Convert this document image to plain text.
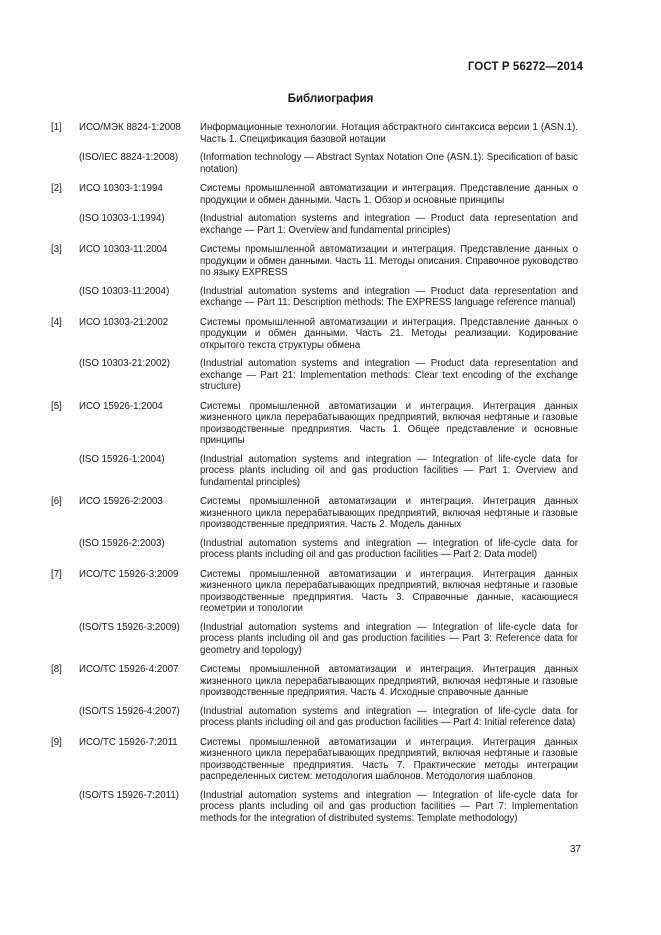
ГОСТ Р 56272—2014
Библиография
[1]	ИСО/МЭК 8824-1:2008	Информационные технологии. Нотация абстрактного синтаксиса версии 1 (ASN.1). Часть 1. Спецификация базовой нотации
(ISO/IEC 8824-1:2008)	(Information technology — Abstract Syntax Notation One (ASN.1): Specification of basic notation)
[2]	ИСО 10303-1:1994	Системы промышленной автоматизации и интеграция. Представление данных о продукции и обмен данными. Часть 1. Обзор и основные принципы
(ISO 10303-1:1994)	(Industrial automation systems and integration — Product data representation and exchange — Part 1: Overview and fundamental principles)
[3]	ИСО 10303-11:2004	Системы промышленной автоматизации и интеграция. Представление данных о продукции и обмен данными. Часть 11. Методы описания. Справочное руководство по языку EXPRESS
(ISO 10303-11:2004)	(Industrial automation systems and integration — Product data representation and exchange — Part 11: Description methods: The EXPRESS language reference manual)
[4]	ИСО 10303-21:2002	Системы промышленной автоматизации и интеграция. Представление данных о продукции и обмен данными. Часть 21. Методы реализации. Кодирование открытого текста структуры обмена
(ISO 10303-21:2002)	(Industrial automation systems and integration — Product data representation and exchange — Part 21: Implementation methods: Clear text encoding of the exchange structure)
[5]	ИСО 15926-1:2004	Системы промышленной автоматизации и интеграция. Интеграция данных жизненного цикла перерабатывающих предприятий, включая нефтяные и газовые производственные предприятия. Часть 1. Общее представление и основные принципы
(ISO 15926-1:2004)	(Industrial automation systems and integration — Integration of life-cycle data for process plants including oil and gas production facilities — Part 1: Overview and fundamental principles)
[6]	ИСО 15926-2:2003	Системы промышленной автоматизации и интеграция. Интеграция данных жизненного цикла перерабатывающих предприятий, включая нефтяные и газовые производственные предприятия. Часть 2. Модель данных
(ISO 15926-2:2003)	(Industrial automation systems and integration — Integration of life-cycle data for process plants including oil and gas production facilities — Part 2: Data model)
[7]	ИСО/ТС 15926-3:2009	Системы промышленной автоматизации и интеграция. Интеграция данных жизненного цикла перерабатывающих предприятий, включая нефтяные и газовые производственные предприятия. Часть 3. Справочные данные, касающиеся геометрии и топологии
(ISO/TS 15926-3:2009)	(Industrial automation systems and integration — Integration of life-cycle data for process plants including oil and gas production facilities — Part 3: Reference data for geometry and topology)
[8]	ИСО/ТС 15926-4:2007	Системы промышленной автоматизации и интеграция. Интеграция данных жизненного цикла перерабатывающих предприятий, включая нефтяные и газовые производственные предприятия. Часть 4. Исходные справочные данные
(ISO/TS 15926-4:2007)	(Industrial automation systems and integration — Integration of life-cycle data for process plants including oil and gas production facilities — Part 4: Initial reference data)
[9]	ИСО/ТС 15926-7:2011	Системы промышленной автоматизации и интеграция. Интеграция данных жизненного цикла перерабатывающих предприятий, включая нефтяные и газовые производственные предприятия. Часть 7. Практические методы интеграции распределенных систем: методология шаблонов. Методология шаблонов
(ISO/TS 15926-7:2011)	(Industrial automation systems and integration — Integration of life-cycle data for process plants including oil and gas production facilities — Part 7: Implementation methods for the integration of distributed systems: Template methodology)
37
